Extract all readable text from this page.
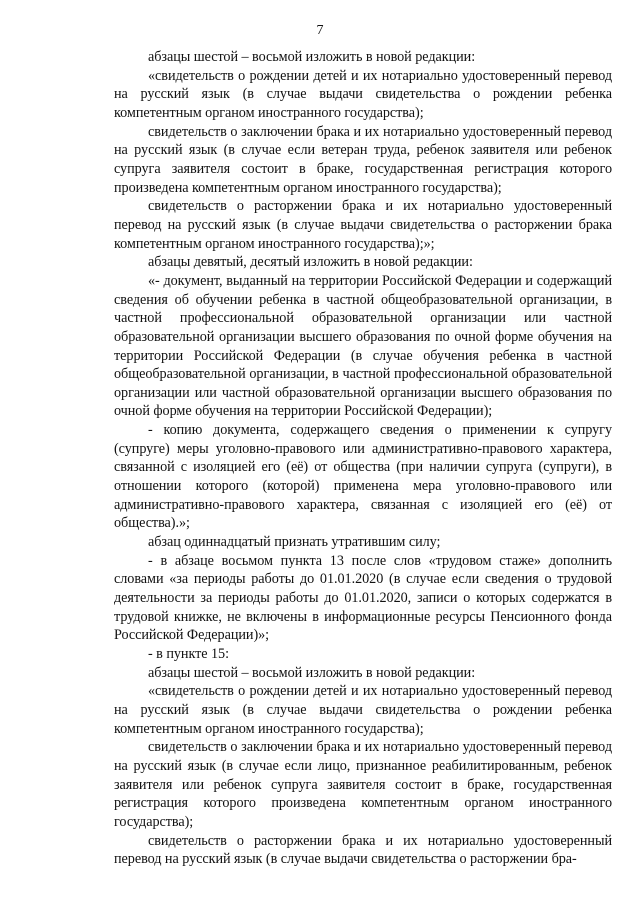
7

абзацы шестой – восьмой изложить в новой редакции:

«свидетельств о рождении детей и их нотариально удостоверенный перевод на русский язык (в случае выдачи свидетельства о рождении ребенка компетентным органом иностранного государства);

свидетельств о заключении брака и их нотариально удостоверенный перевод на русский язык (в случае если ветеран труда, ребенок заявителя или ребенок супруга заявителя состоит в браке, государственная регистрация которого произведена компетентным органом иностранного государства);

свидетельств о расторжении брака и их нотариально удостоверенный перевод на русский язык (в случае выдачи свидетельства о расторжении брака компетентным органом иностранного государства);»;

абзацы девятый, десятый изложить в новой редакции:

«- документ, выданный на территории Российской Федерации и содержащий сведения об обучении ребенка в частной общеобразовательной организации, в частной профессиональной образовательной организации или частной образовательной организации высшего образования по очной форме обучения на территории Российской Федерации (в случае обучения ребенка в частной общеобразовательной организации, в частной профессиональной образовательной организации или частной образовательной организации высшего образования по очной форме обучения на территории Российской Федерации);

- копию документа, содержащего сведения о применении к супругу (супруге) меры уголовно-правового или административно-правового характера, связанной с изоляцией его (её) от общества (при наличии супруга (супруги), в отношении которого (которой) применена мера уголовно-правового или административно-правового характера, связанная с изоляцией его (её) от общества).»;

абзац одиннадцатый признать утратившим силу;

- в абзаце восьмом пункта 13 после слов «трудовом стаже» дополнить словами «за периоды работы до 01.01.2020 (в случае если сведения о трудовой деятельности за периоды работы до 01.01.2020, записи о которых содержатся в трудовой книжке, не включены в информационные ресурсы Пенсионного фонда Российской Федерации)»;

- в пункте 15:

абзацы шестой – восьмой изложить в новой редакции:

«свидетельств о рождении детей и их нотариально удостоверенный перевод на русский язык (в случае выдачи свидетельства о рождении ребенка компетентным органом иностранного государства);

свидетельств о заключении брака и их нотариально удостоверенный перевод на русский язык (в случае если лицо, признанное реабилитированным, ребенок заявителя или ребенок супруга заявителя состоит в браке, государственная регистрация которого произведена компетентным органом иностранного государства);

свидетельств о расторжении брака и их нотариально удостоверенный перевод на русский язык (в случае выдачи свидетельства о расторжении бра-
